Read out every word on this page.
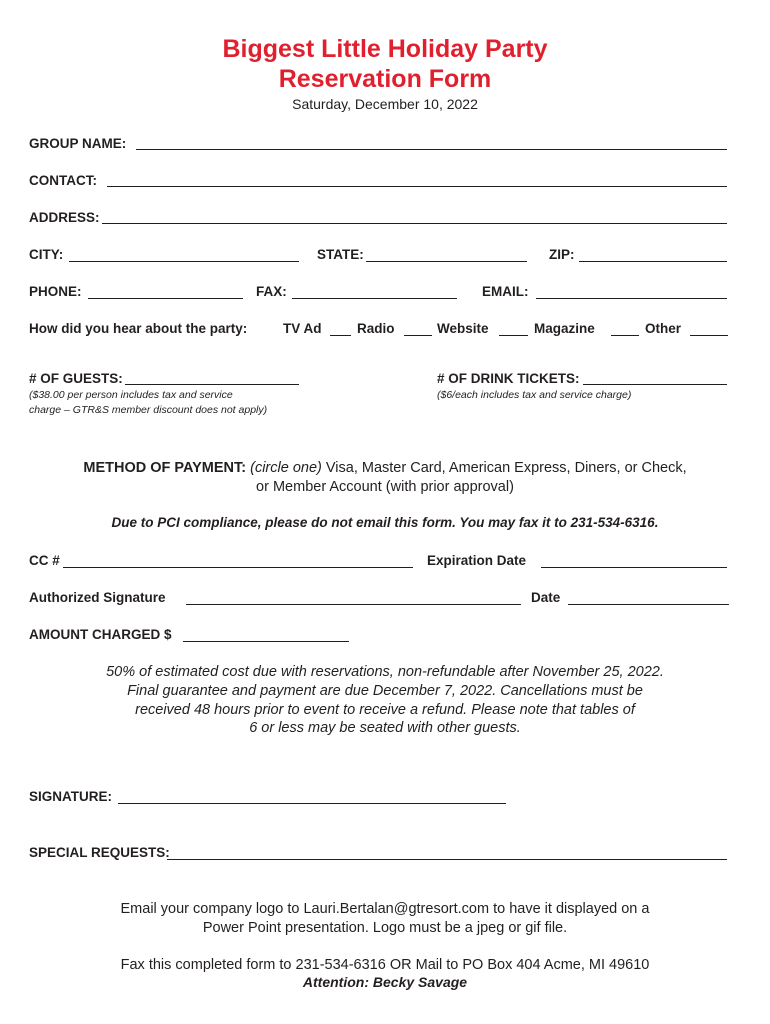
Biggest Little Holiday Party
Reservation Form
Saturday, December 10, 2022
GROUP NAME:
CONTACT:
ADDRESS:
CITY:	STATE:	ZIP:
PHONE:	FAX:	EMAIL:
How did you hear about the party:	TV Ad	Radio	Website	Magazine	Other
# OF GUESTS:
($38.00 per person includes tax and service
charge – GTR&S member discount does not apply)
# OF DRINK TICKETS:
($6/each includes tax and service charge)
METHOD OF PAYMENT: (circle one) Visa, Master Card, American Express, Diners, or Check,
or Member Account (with prior approval)
Due to PCI compliance, please do not email this form. You may fax it to 231-534-6316.
CC #	Expiration Date
Authorized Signature	Date
AMOUNT CHARGED $
50% of estimated cost due with reservations, non-refundable after November 25, 2022.
Final guarantee and payment are due December 7, 2022. Cancellations must be
received 48 hours prior to event to receive a refund. Please note that tables of
6 or less may be seated with other guests.
SIGNATURE:
SPECIAL REQUESTS:
Email your company logo to Lauri.Bertalan@gtresort.com to have it displayed on a
Power Point presentation. Logo must be a jpeg or gif file.
Fax this completed form to 231-534-6316 OR Mail to PO Box 404 Acme, MI 49610
Attention: Becky Savage
